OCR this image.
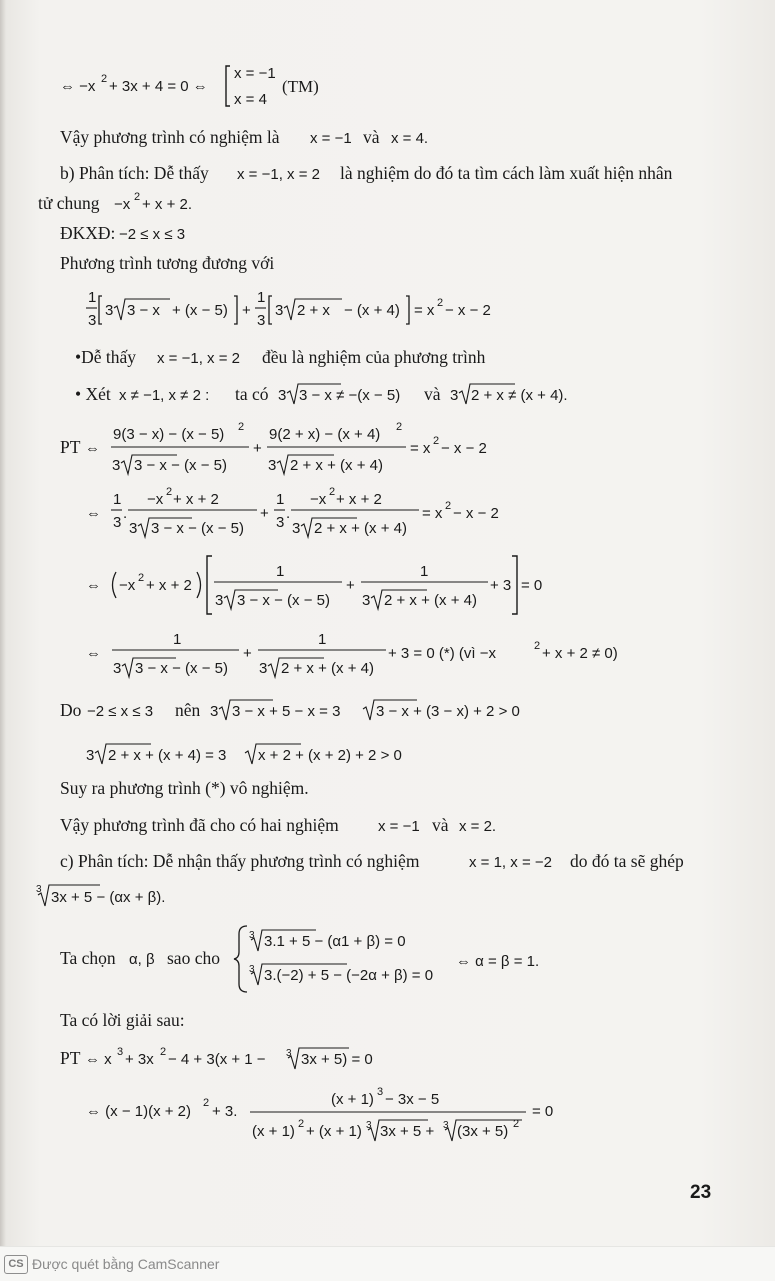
⇔ −x 2 + 3x + 4 = 0 ⇔
x = −1
x = 4
(TM)
Vậy phương trình có nghiệm là x = −1 và x = 4.
b) Phân tích: Dễ thấy x = −1, x = 2 là nghiệm do đó ta tìm cách làm xuất hiện nhân
tử chung −x 2 + x + 2.
ĐKXĐ: −2 ≤ x ≤ 3
Phương trình tương đương với
1
3
3 3 − x + (x − 5) +
1
3
3 2 + x − (x + 4) = x 2 − x − 2
•Dễ thấy x = −1, x = 2 đều là nghiệm của phương trình
• Xét x ≠ −1, x ≠ 2 : ta có 3 3 − x ≠ −(x − 5) và 3 2 + x ≠ (x + 4).
PT ⇔
9(3 − x) − (x − 5) 2
3 3 − x − (x − 5)
+
9(2 + x) − (x + 4) 2
3 2 + x + (x + 4)
= x 2 − x − 2
⇔
1
3
.
−x 2 + x + 2
3 3 − x − (x − 5)
+
1
3
.
−x 2 + x + 2
3 2 + x + (x + 4)
= x 2 − x − 2
⇔ −x 2 + x + 2
1
3 3 − x − (x − 5)
+
1
3 2 + x + (x + 4)
+ 3 = 0
⇔
1
3 3 − x − (x − 5)
+
1
3 2 + x + (x + 4)
+ 3 = 0 (*) (vì −x	2 + x + 2 ≠ 0)
Do −2 ≤ x ≤ 3 nên 3 3 − x + 5 − x = 3 3 − x + (3 − x) + 2 > 0
3 2 + x + (x + 4) = 3 x + 2 + (x + 2) + 2 > 0
Suy ra phương trình (*) vô nghiệm.
Vậy phương trình đã cho có hai nghiệm	x = −1 và x = 2.
c) Phân tích: Dễ nhận thấy phương trình có nghiệm	x = 1, x = −2 do đó ta sẽ ghép
3 3x + 5 − (αx + β).
Ta chọn α, β sao cho
3 3.1 + 5 − (α1 + β) = 0
3 3.(−2) + 5 − (−2α + β) = 0
⇔ α = β = 1.
Ta có lời giải sau:
PT ⇔ x 3 + 3x 2 − 4 + 3(x + 1 − 3 3x + 5) = 0
⇔ (x − 1)(x + 2) 2 + 3.
(x + 1) 3 − 3x − 5
(x + 1) 2 + (x + 1) 3 3x + 5 + 3 (3x + 5) 2
= 0
23
CS Được quét bằng CamScanner
